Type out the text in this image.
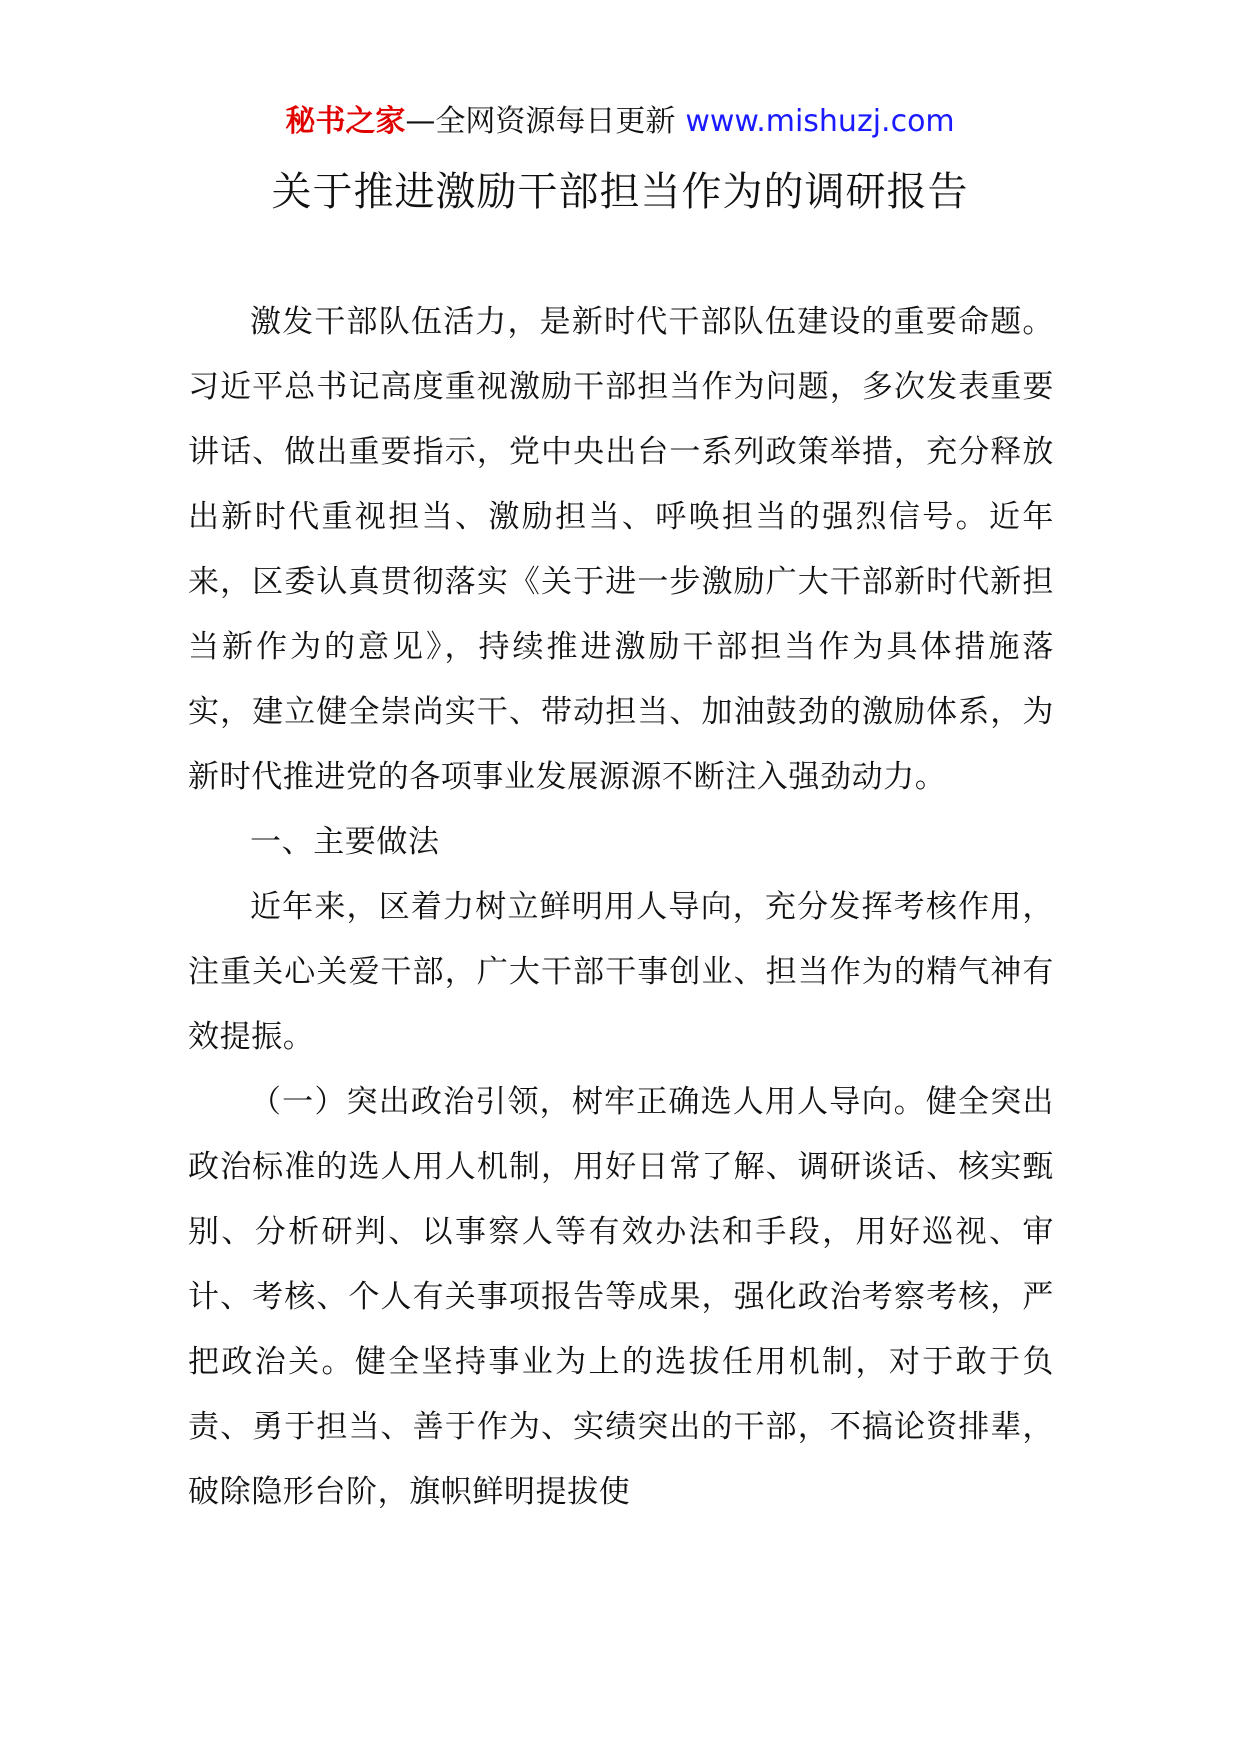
秘书之家—全网资源每日更新 www.mishuzj.com
关于推进激励干部担当作为的调研报告

激发干部队伍活力，是新时代干部队伍建设的重要命题。习近平总书记高度重视激励干部担当作为问题，多次发表重要讲话、做出重要指示，党中央出台一系列政策举措，充分释放出新时代重视担当、激励担当、呼唤担当的强烈信号。近年来，区委认真贯彻落实《关于进一步激励广大干部新时代新担当新作为的意见》，持续推进激励干部担当作为具体措施落实，建立健全崇尚实干、带动担当、加油鼓劲的激励体系，为新时代推进党的各项事业发展源源不断注入强劲动力。

一、主要做法

近年来，区着力树立鲜明用人导向，充分发挥考核作用，注重关心关爱干部，广大干部干事创业、担当作为的精气神有效提振。

（一）突出政治引领，树牢正确选人用人导向。健全突出政治标准的选人用人机制，用好日常了解、调研谈话、核实甄别、分析研判、以事察人等有效办法和手段，用好巡视、审计、考核、个人有关事项报告等成果，强化政治考察考核，严把政治关。健全坚持事业为上的选拔任用机制，对于敢于负责、勇于担当、善于作为、实绩突出的干部，不搞论资排辈，破除隐形台阶，旗帜鲜明提拔使
